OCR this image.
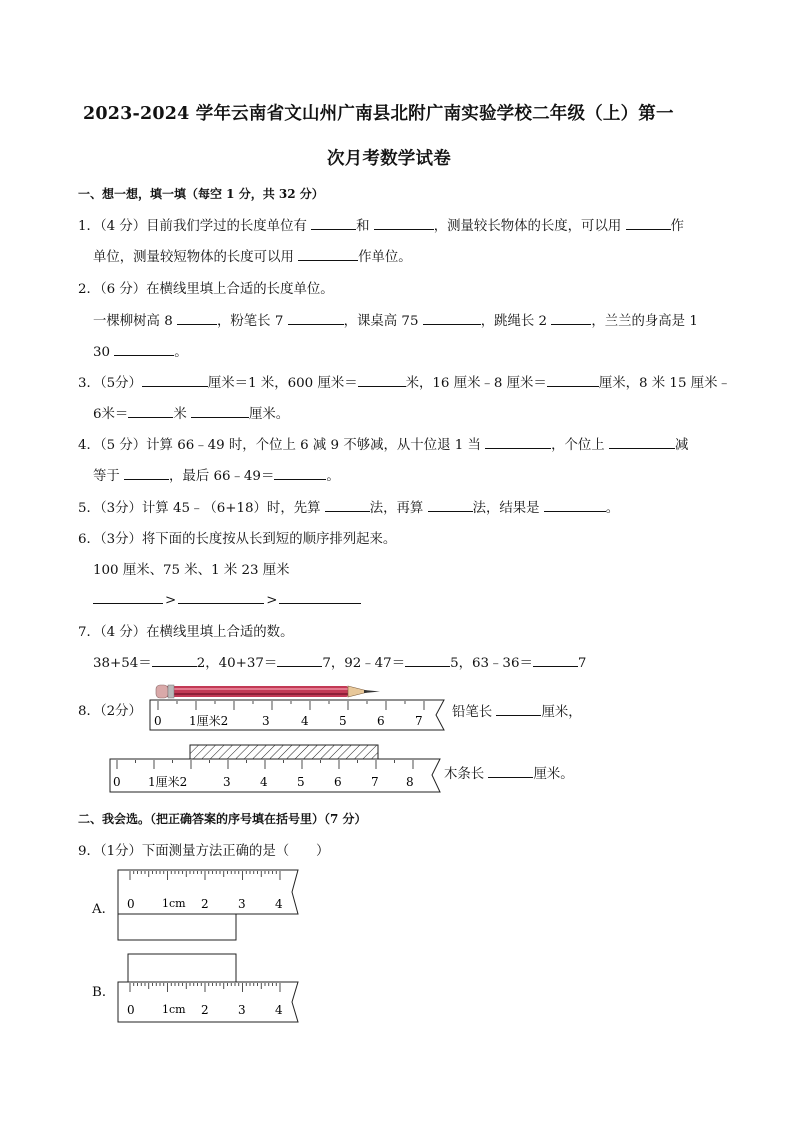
2023-2024 学年云南省文山州广南县北附广南实验学校二年级（上）第一
次月考数学试卷
一、想一想，填一填（每空 1 分，共 32 分）
1．（4 分）目前我们学过的长度单位有	和	，测量较长物体的长度，可以用	作
单位，测量较短物体的长度可以用	作单位。
2．（6 分）在横线里填上合适的长度单位。
一棵柳树高 8	，粉笔长 7	，课桌高 75	，跳绳长 2	，兰兰的身高是 1
30	。
3．（5分）	厘米＝1 米，600 厘米＝	米，16 厘米﹣8 厘米＝	厘米，8 米 15 厘米﹣
6米＝	米	厘米。
4．（5 分）计算 66﹣49 时，个位上 6 减 9 不够减，从十位退 1 当	，个位上	减
等于	，最后 66﹣49＝	。
5．（3分）计算 45﹣（6+18）时，先算	法，再算	法，结果是	。
6．（3分）将下面的长度按从长到短的顺序排列起来。
100 厘米、75 米、1 米 23 厘米
>	>
7．（4 分）在横线里填上合适的数。
38+54＝	2，40+37＝	7，92﹣47＝	5，63﹣36＝	7
8．（2分）
0 1厘米2	3	4	5	6	7
铅笔长	厘米，
0 1厘米2	3 4 5 6 7 8 木条长	厘米。
二、我会选。（把正确答案的序号填在括号里）（7 分）
9．（1分）下面测量方法正确的是（　　）
A． 0 1cm 2 3 4
B．
0 1cm 2 3 4
